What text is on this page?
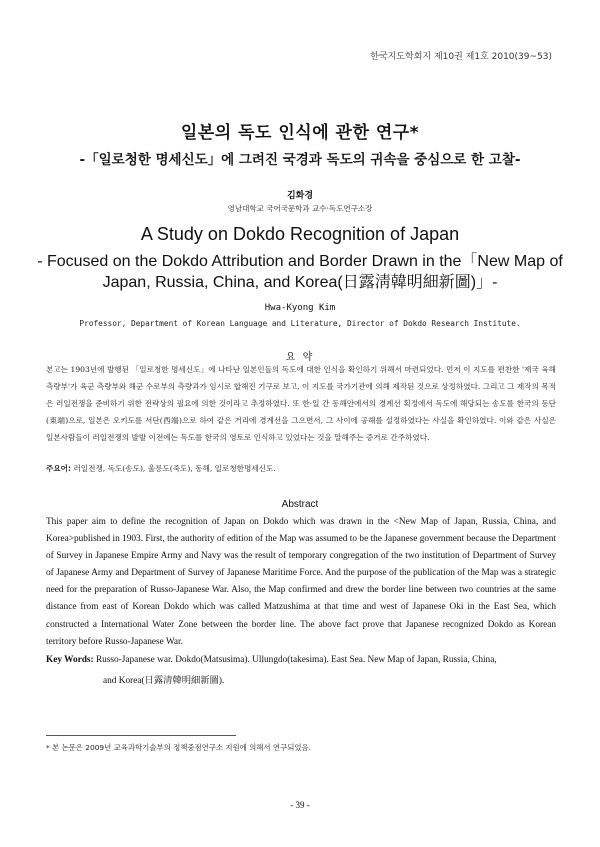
한국지도학회지 제10권 제1호 2010(39~53)
일본의 독도 인식에 관한 연구*
-「일로청한 명세신도」에 그려진 국경과 독도의 귀속을 중심으로 한 고찰-
김화경
영남대학교 국어국문학과 교수·독도연구소장
A Study on Dokdo Recognition of Japan
- Focused on the Dokdo Attribution and Border Drawn in the「New Map of
Japan, Russia, China, and Korea(日露淸韓明細新圖)」-
Hwa-Kyong Kim
Professor, Department of Korean Language and Literature, Director of Dokdo Research Institute.
요 약
본고는 1903년에 발행된 「일로청한 명세신도」에 나타난 일본인들의 독도에 대한 인식을 확인하기 위해서 마련되었다. 먼저 이 지도를 편찬한 '제국 육해 측량부'가 육군 측량부와 해군 수로부의 측량과가 임시로 합해진 기구로 보고, 이 지도를 국가기관에 의해 제작된 것으로 상정하였다. 그리고 그 제작의 목적은 러일전쟁을 준비하기 위한 전략상의 필요에 의한 것이라고 추정하였다. 또 한·일 간 동해안에서의 경계선 획정에서 독도에 해당되는 송도를 한국의 동단(東端)으로, 일본은 오키도를 서단(西端)으로 하여 같은 거리에 경계선을 그으면서, 그 사이에 공해를 설정하였다는 사실을 확인하였다. 이와 같은 사실은 일본사람들이 러일전쟁의 발발 이전에는 독도를 한국의 영토로 인식하고 있었다는 것을 말해주는 증거로 간주하였다.
주요어: 러일전쟁, 독도(송도), 울릉도(죽도), 동해, 일로청한명세신도.
Abstract
This paper aim to define the recognition of Japan on Dokdo which was drawn in the <New Map of Japan, Russia, China, and Korea>published in 1903. First, the authority of edition of the Map was assumed to be the Japanese government because the Department of Survey in Japanese Empire Army and Navy was the result of temporary congregation of the two institution of Department of Survey of Japanese Army and Department of Survey of Japanese Maritime Force. And the purpose of the publication of the Map was a strategic need for the preparation of Russo-Japanese War. Also, the Map confirmed and drew the border line between two countries at the same distance from east of Korean Dokdo which was called Matzushima at that time and west of Japanese Oki in the East Sea, which constructed a International Water Zone between the border line. The above fact prove that Japanese recognized Dokdo as Korean territory before Russo-Japanese War.
Key Words: Russo-Japanese war. Dokdo(Matsusima). Ullungdo(takesima). East Sea. New Map of Japan, Russia, China,
and Korea(日露淸韓明細新圖).
* 본 논문은 2009년 교육과학기술부의 정책중점연구소 지원에 의해서 연구되었음.
- 39 -
